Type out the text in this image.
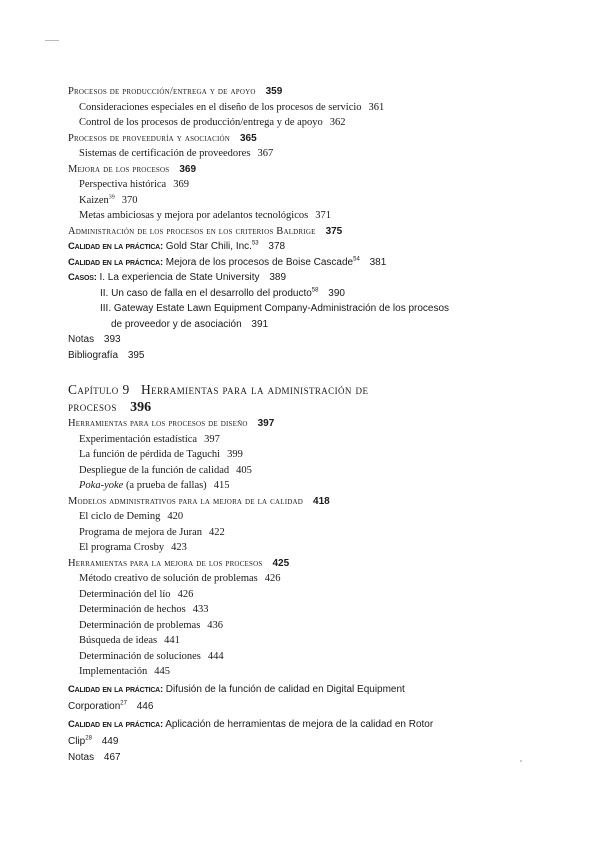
Procesos de producción/entrega y de apoyo 359
Consideraciones especiales en el diseño de los procesos de servicio 361
Control de los procesos de producción/entrega y de apoyo 362
Procesos de proveeduría y asociación 365
Sistemas de certificación de proveedores 367
Mejora de los procesos 369
Perspectiva histórica 369
Kaizen$^{39}$ 370
Metas ambiciosas y mejora por adelantos tecnológicos 371
Administración de los procesos en los criterios Baldrige 375
Calidad en la práctica: Gold Star Chili, Inc.$^{53}$ 378
Calidad en la práctica: Mejora de los procesos de Boise Cascade$^{54}$ 381
Casos: I. La experiencia de State University 389
II. Un caso de falla en el desarrollo del producto$^{58}$ 390
III. Gateway Estate Lawn Equipment Company-Administración de los procesos
de proveedor y de asociación 391
Notas 393
Bibliografía 395
Capítulo 9   Herramientas para la administración de
procesos 396
Herramientas para los procesos de diseño 397
Experimentación estadística 397
La función de pérdida de Taguchi 399
Despliegue de la función de calidad 405
Poka-yoke (a prueba de fallas) 415
Modelos administrativos para la mejora de la calidad 418
El ciclo de Deming 420
Programa de mejora de Juran 422
El programa Crosby 423
Herramientas para la mejora de los procesos 425
Método creativo de solución de problemas 426
Determinación del lío 426
Determinación de hechos 433
Determinación de problemas 436
Búsqueda de ideas 441
Determinación de soluciones 444
Implementación 445
Calidad en la práctica: Difusión de la función de calidad en Digital Equipment
Corporation$^{27}$ 446
Calidad en la práctica: Aplicación de herramientas de mejora de la calidad en Rotor
Clip$^{28}$ 449
Notas 467
